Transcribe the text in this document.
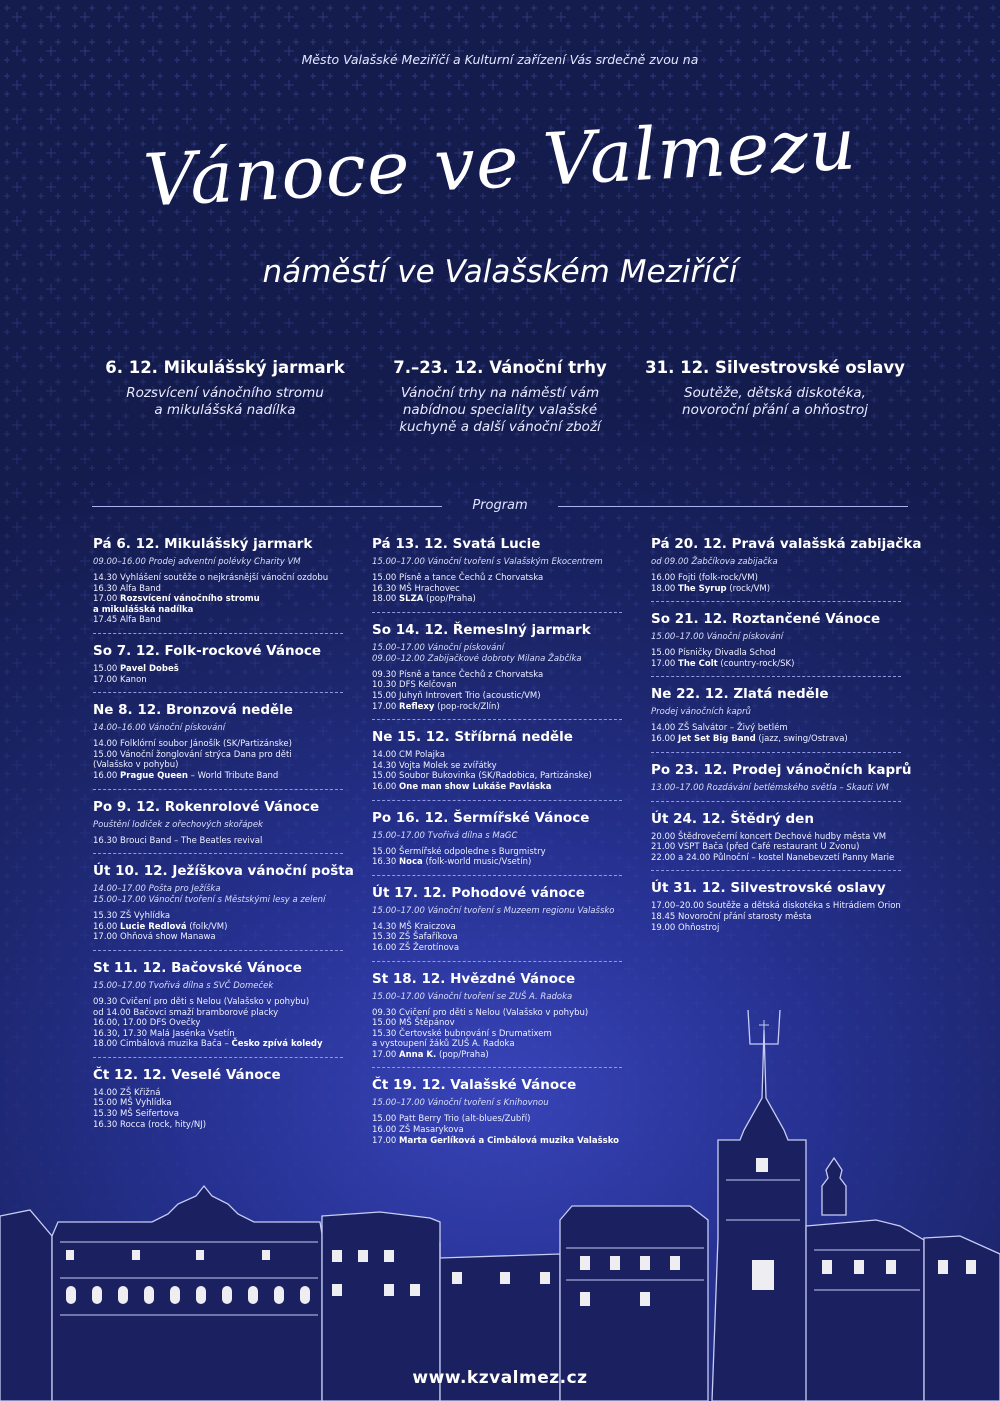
Město Valašské Meziříčí a Kulturní zařízení Vás srdečně zvou na
Vánoce ve Valmezu
náměstí ve Valašském Meziříčí
6. 12. Mikulášský jarmark

Rozsvícení vánočního stromu
a mikulášská nadílka

7.–23. 12. Vánoční trhy

Vánoční trhy na náměstí vám
nabídnou speciality valašské
kuchyně a další vánoční zboží

31. 12. Silvestrovské oslavy

Soutěže, dětská diskotéka,
novoroční přání a ohňostroj

Program
Pá 6. 12. Mikulášský jarmark
09.00–16.00 Prodej adventní polévky Charity VM
14.30 Vyhlášení soutěže o nejkrásnější vánoční ozdobu
16.30 Alfa Band
17.00 Rozsvícení vánočního stromu
a mikulášská nadílka
17.45 Alfa Band
So 7. 12. Folk-rockové Vánoce
15.00 Pavel Dobeš
17.00 Kanon
Ne 8. 12. Bronzová neděle
14.00–16.00 Vánoční pískování
14.00 Folklórní soubor Jánošík (SK/Partizánske)
15.00 Vánoční žonglování strýca Dana pro děti
(Valašsko v pohybu)
16.00 Prague Queen – World Tribute Band
Po 9. 12. Rokenrolové Vánoce
Pouštění lodiček z ořechových skořápek
16.30 Brouci Band – The Beatles revival
Út 10. 12. Ježíškova vánoční pošta
14.00–17.00 Pošta pro Ježíška
15.00–17.00 Vánoční tvoření s Městskými lesy a zelení
15.30 ZŠ Vyhlídka
16.00 Lucie Redlová (folk/VM)
17.00 Ohňová show Manawa
St 11. 12. Bačovské Vánoce
15.00–17.00 Tvořivá dílna s SVČ Domeček
09.30 Cvičení pro děti s Nelou (Valašsko v pohybu)
od 14.00 Bačovci smaží bramborové placky
16.00, 17.00 DFS Ovečky
16.30, 17.30 Malá Jasénka Vsetín
18.00 Cimbálová muzika Bača – Česko zpívá koledy
Čt 12. 12. Veselé Vánoce
14.00 ZŠ Křižná
15.00 MŠ Vyhlídka
15.30 MŠ Seifertova
16.30 Rocca (rock, hity/NJ)
Pá 13. 12. Svatá Lucie
15.00–17.00 Vánoční tvoření s Valašským Ekocentrem
15.00 Písně a tance Čechů z Chorvatska
16.30 MŠ Hrachovec
18.00 SLZA (pop/Praha)
So 14. 12. Řemeslný jarmark
15.00–17.00 Vánoční pískování
09.00–12.00 Zabijačkové dobroty Milana Žabčíka
09.30 Písně a tance Čechů z Chorvatska
10.30 DFS Kelčovan
15.00 Juhyň Introvert Trio (acoustic/VM)
17.00 Reflexy (pop-rock/Zlín)
Ne 15. 12. Stříbrná neděle
14.00 CM Polajka
14.30 Vojta Molek se zvířátky
15.00 Soubor Bukovinka (SK/Radobica, Partizánske)
16.00 One man show Lukáše Pavláska
Po 16. 12. Šermířské Vánoce
15.00–17.00 Tvořivá dílna s MaGC
15.00 Šermířské odpoledne s Burgmistry
16.30 Noca (folk-world music/Vsetín)
Út 17. 12. Pohodové vánoce
15.00–17.00 Vánoční tvoření s Muzeem regionu Valašsko
14.30 MŠ Kraiczova
15.30 ZŠ Šafaříkova
16.00 ZŠ Žerotínova
St 18. 12. Hvězdné Vánoce
15.00–17.00 Vánoční tvoření se ZUŠ A. Radoka
09.30 Cvičení pro děti s Nelou (Valašsko v pohybu)
15.00 MŠ Štěpánov
15.30 Čertovské bubnování s Drumatixem
a vystoupení žáků ZUŠ A. Radoka
17.00 Anna K. (pop/Praha)
Čt 19. 12. Valašské Vánoce
15.00–17.00 Vánoční tvoření s Knihovnou
15.00 Patt Berry Trio (alt-blues/Zubří)
16.00 ZŠ Masarykova
17.00 Marta Gerlíková a Cimbálová muzika Valašsko
Pá 20. 12. Pravá valašská zabijačka
od 09.00 Žabčíkova zabijačka
16.00 Fojti (folk-rock/VM)
18.00 The Syrup (rock/VM)
So 21. 12. Roztančené Vánoce
15.00–17.00 Vánoční pískování
15.00 Písničky Divadla Schod
17.00 The Colt (country-rock/SK)
Ne 22. 12. Zlatá neděle
Prodej vánočních kaprů
14.00 ZŠ Salvátor – Živý betlém
16.00 Jet Set Big Band (jazz, swing/Ostrava)
Po 23. 12. Prodej vánočních kaprů
13.00–17.00 Rozdávání betlémského světla – Skauti VM
Út 24. 12. Štědrý den
20.00 Štědrovečerní koncert Dechové hudby města VM
21.00 VSPT Bača (před Café restaurant U Zvonu)
22.00 a 24.00 Půlnoční – kostel Nanebevzetí Panny Marie
Út 31. 12. Silvestrovské oslavy
17.00–20.00 Soutěže a dětská diskotéka s Hitrádiem Orion
18.45 Novoroční přání starosty města
19.00 Ohňostroj
www.kzvalmez.cz
